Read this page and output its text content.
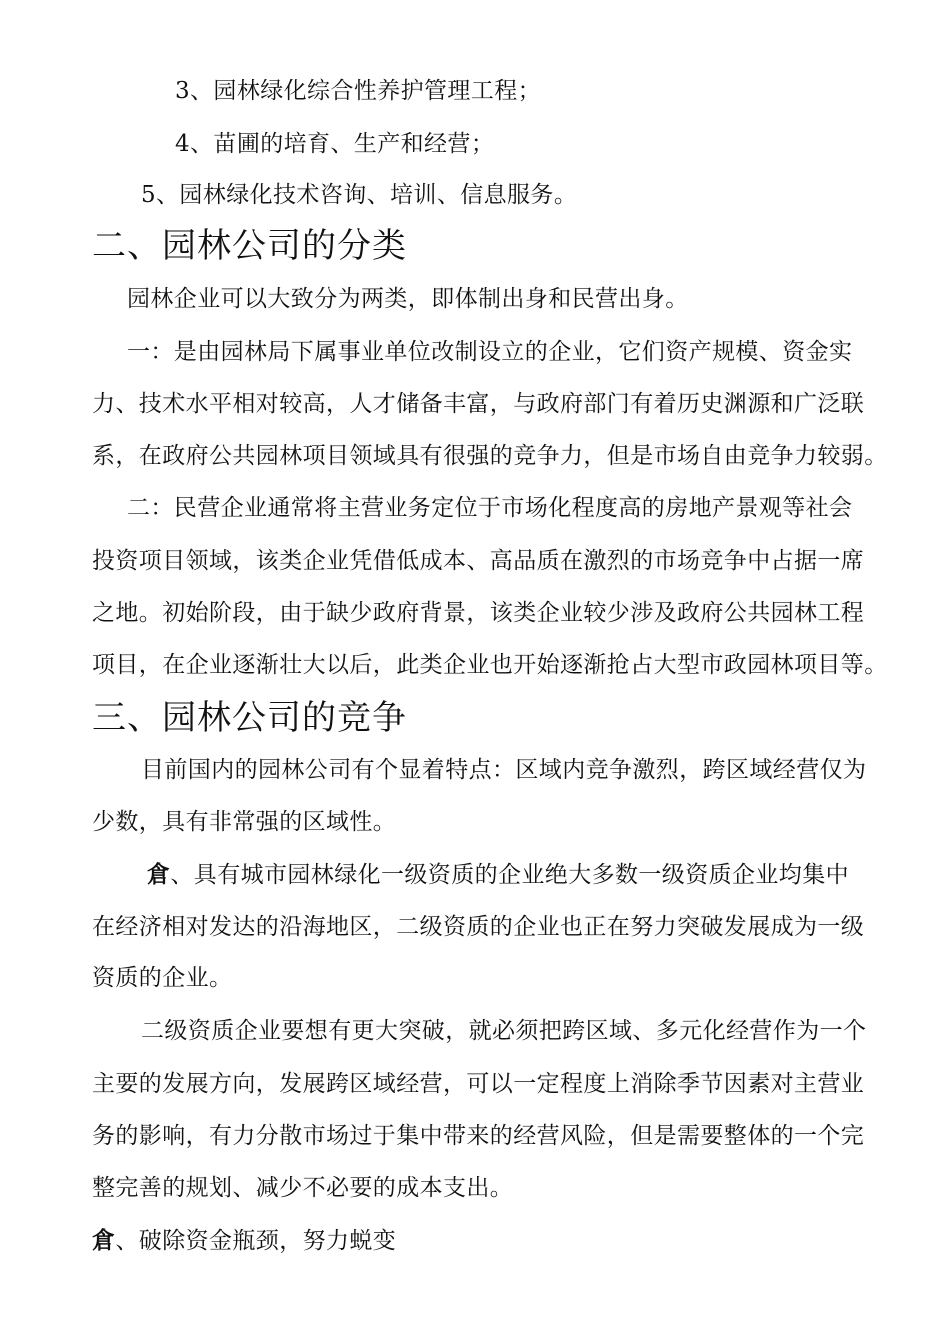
3、园林绿化综合性养护管理工程；
4、苗圃的培育、生产和经营；
5、园林绿化技术咨询、培训、信息服务。
二、园林公司的分类
园林企业可以大致分为两类，即体制出身和民营出身。
一：是由园林局下属事业单位改制设立的企业，它们资产规模、资金实
力、技术水平相对较高，人才储备丰富，与政府部门有着历史渊源和广泛联
系，在政府公共园林项目领域具有很强的竞争力，但是市场自由竞争力较弱。
二：民营企业通常将主营业务定位于市场化程度高的房地产景观等社会
投资项目领域，该类企业凭借低成本、高品质在激烈的市场竞争中占据一席
之地。初始阶段，由于缺少政府背景，该类企业较少涉及政府公共园林工程
项目，在企业逐渐壮大以后，此类企业也开始逐渐抢占大型市政园林项目等。
三、园林公司的竞争
目前国内的园林公司有个显着特点：区域内竞争激烈，跨区域经营仅为
少数，具有非常强的区域性。
倉、具有城市园林绿化一级资质的企业绝大多数一级资质企业均集中
在经济相对发达的沿海地区，二级资质的企业也正在努力突破发展成为一级
资质的企业。
二级资质企业要想有更大突破，就必须把跨区域、多元化经营作为一个
主要的发展方向，发展跨区域经营，可以一定程度上消除季节因素对主营业
务的影响，有力分散市场过于集中带来的经营风险，但是需要整体的一个完
整完善的规划、减少不必要的成本支出。
倉、破除资金瓶颈，努力蜕变
